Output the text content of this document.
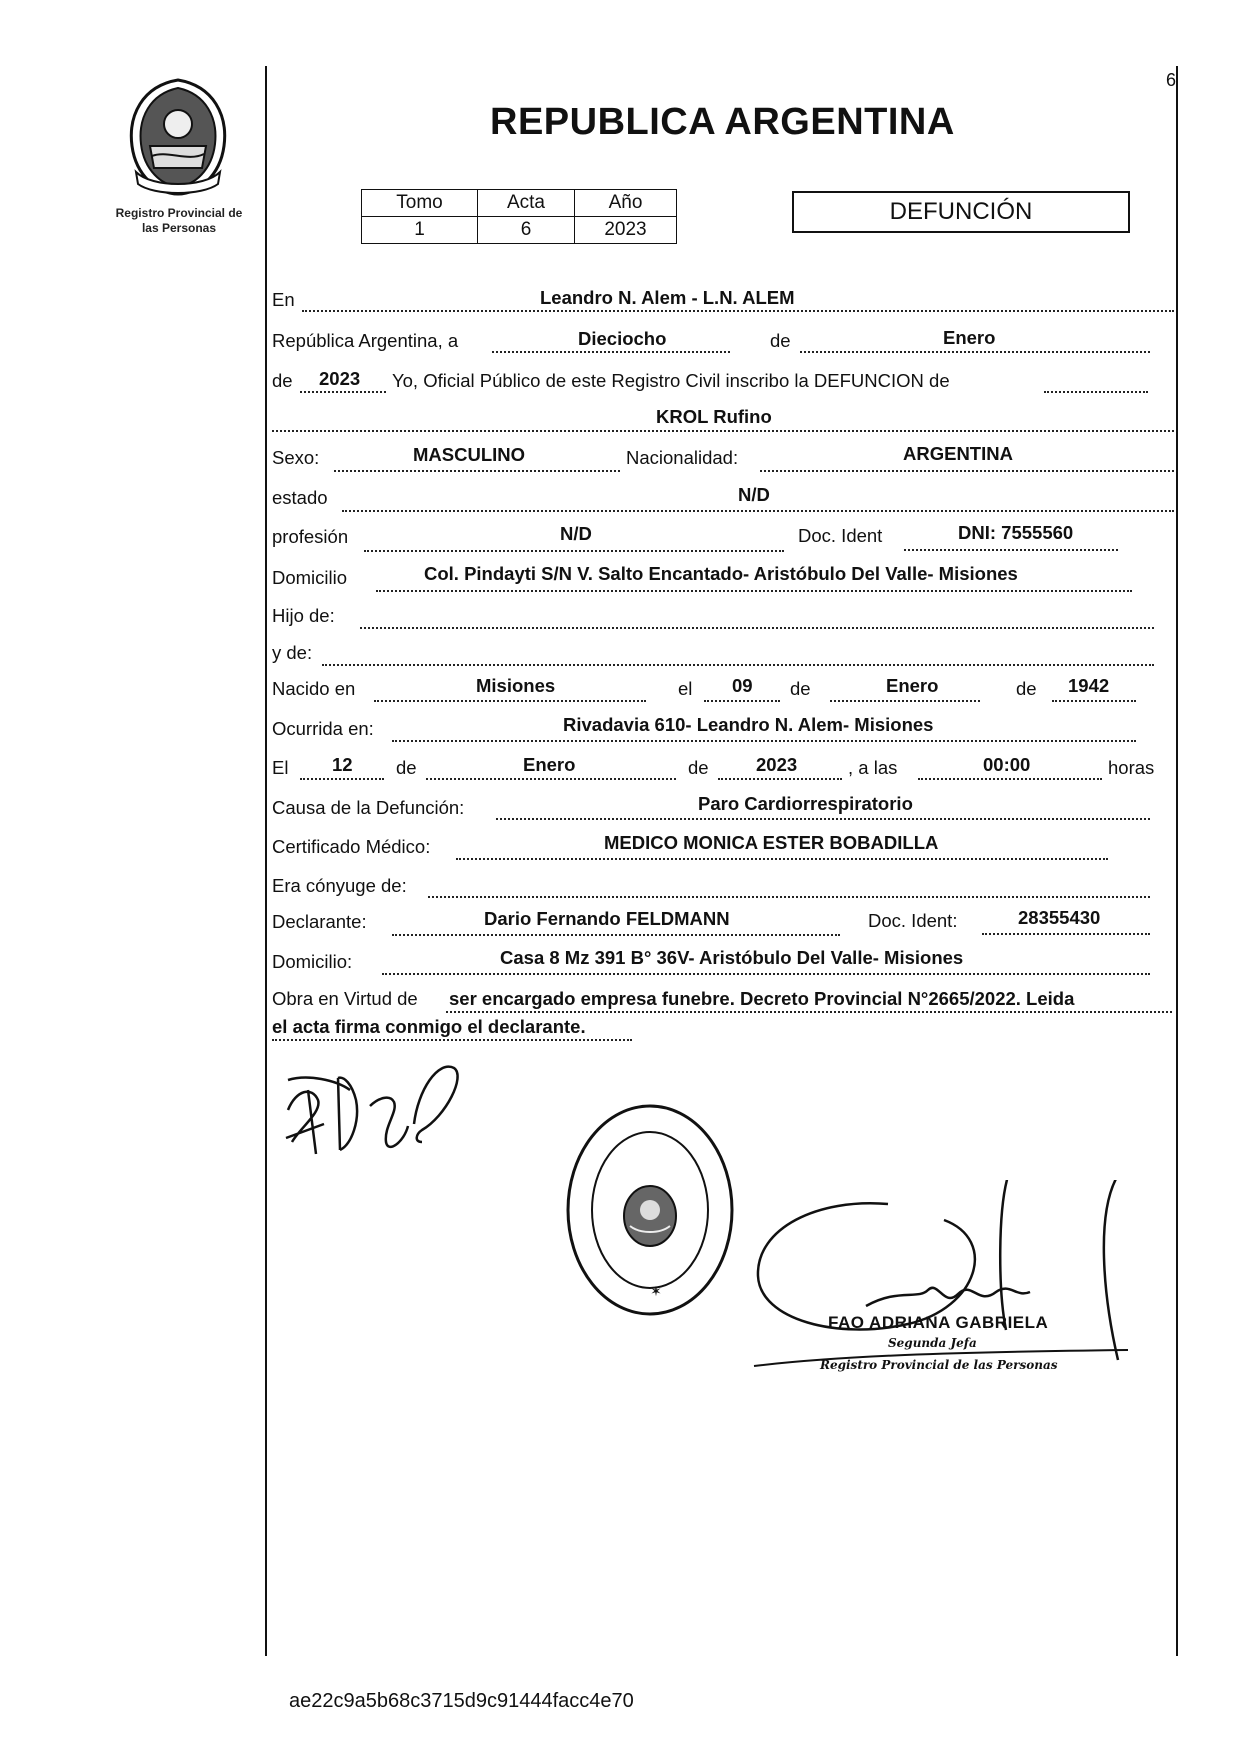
Registro Provincial de
las Personas
6
REPUBLICA ARGENTINA
Tomo	Acta	Año
1	6	2023
DEFUNCIÓN
En	Leandro N. Alem - L.N. ALEM
República Argentina, a	Dieciocho	de	Enero
de 2023 Yo, Oficial Público de este Registro Civil inscribo la DEFUNCION de
KROL Rufino
Sexo:	MASCULINO	Nacionalidad:	ARGENTINA
estado	N/D
profesión	N/D	Doc. Ident	DNI: 7555560
Domicilio	Col. Pindayti S/N V. Salto Encantado- Aristóbulo Del Valle- Misiones
Hijo de:
y de:
Nacido en	Misiones	el 09 de	Enero	de 1942
Ocurrida en:	Rivadavia 610- Leandro N. Alem- Misiones
El 12 de	Enero	de	2023	, a las	00:00	horas
Causa de la Defunción:	Paro Cardiorrespiratorio
Certificado Médico:	MEDICO MONICA ESTER BOBADILLA
Era cónyuge de:
Declarante:	Dario Fernando FELDMANN	Doc. Ident:	28355430
Domicilio:	Casa 8 Mz 391 B° 36V- Aristóbulo Del Valle- Misiones
Obra en Virtud de ser encargado empresa funebre. Decreto Provincial N°2665/2022. Leida
el acta firma conmigo el declarante.
✶
FAO ADRIANA GABRIELA
Segunda Jefa
Registro Provincial de las Personas
ae22c9a5b68c3715d9c91444facc4e70
